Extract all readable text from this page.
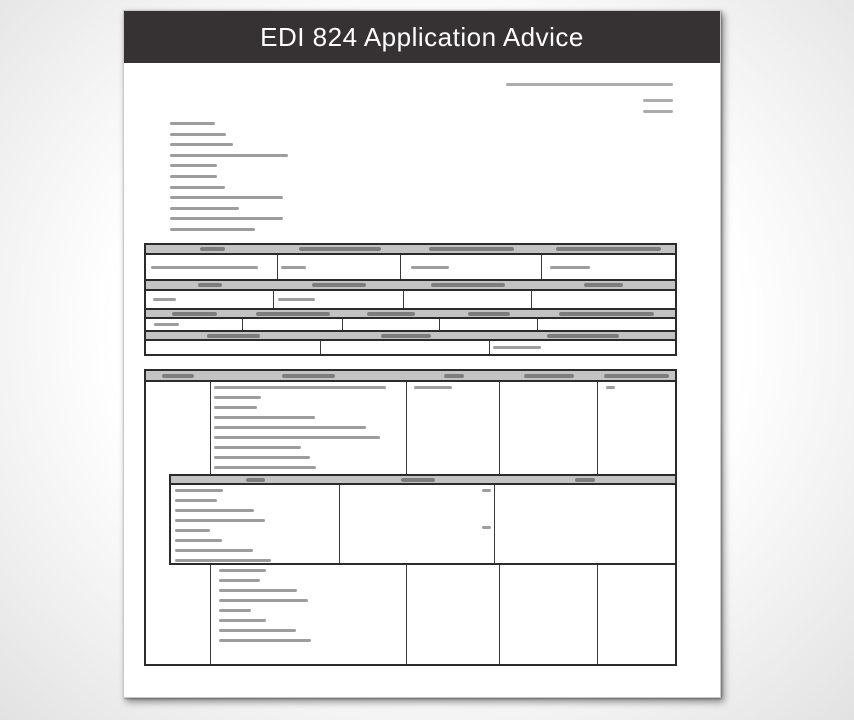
EDI 824 Application Advice
